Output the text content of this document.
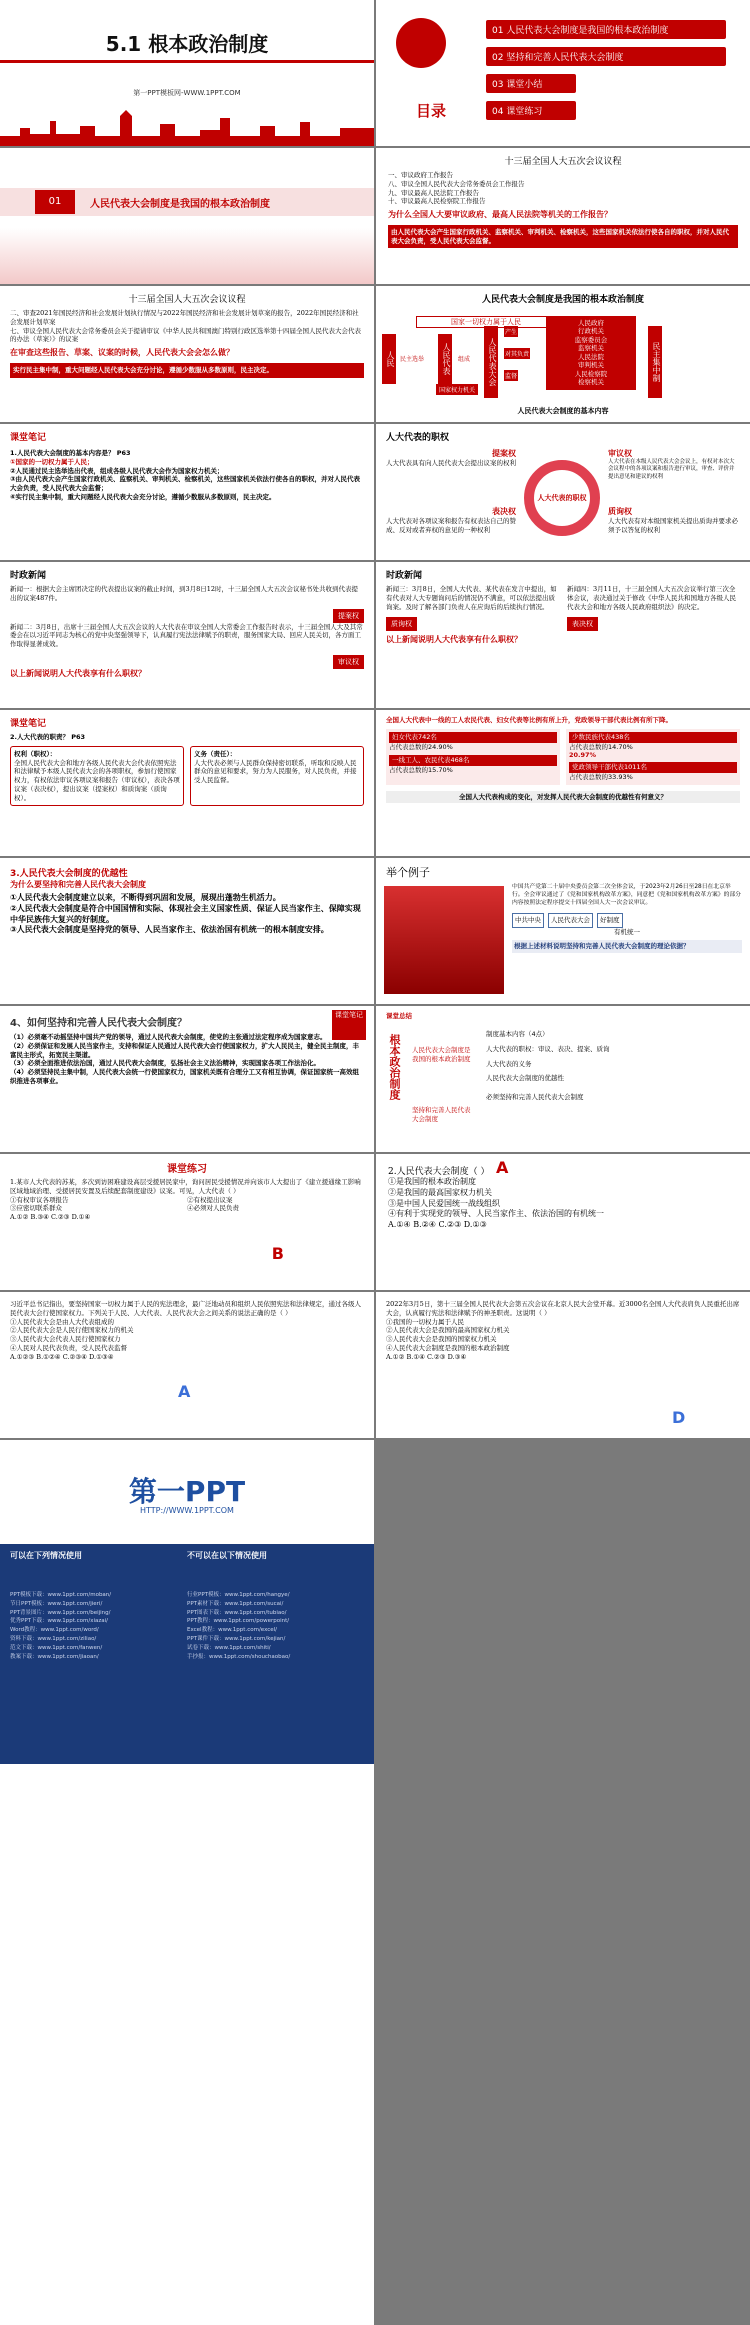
5.1 根本政治制度
第一PPT模板网-WWW.1PPT.COM
目录
01 人民代表大会制度是我国的根本政治制度
02 坚持和完善人民代表大会制度
03 课堂小结
04 课堂练习
01	人民代表大会制度是我国的根本政治制度
十三届全国人大五次会议议程
一、审议政府工作报告
八、审议全国人民代表大会常务委员会工作报告
九、审议最高人民法院工作报告
十、审议最高人民检察院工作报告
为什么全国人大要审议政府、最高人民法院等机关的工作报告？
由人民代表大会产生国家行政机关、监察机关、审判机关、检察机关，这些国家机关依法行使各自的职权，并对人民代表大会负责，受人民代表大会监督。
十三届全国人大五次会议议程
二、审查2021年国民经济和社会发展计划执行情况与2022年国民经济和社会发展计划草案的报告，2022年国民经济和社会发展计划草案
七、审议全国人民代表大会常务委员会关于提请审议《中华人民共和国澳门特别行政区选举第十四届全国人民代表大会代表的办法（草案）》的议案
在审查这些报告、草案、议案的时候，人民代表大会会怎么做？
实行民主集中制，重大问题经人民代表大会充分讨论，遵循少数服从多数原则，民主决定。
人民代表大会制度是我国的根本政治制度
国家一切权力属于人民
人民 民主选举	人民代表 组成	人民代表大会
产生
对其负责
监督
人民政府
行政机关
监察委员会
监察机关
人民法院
审判机关
人民检察院
检察机关
国家权力机关
民主集中制
人民代表大会制度的基本内容
课堂笔记
1.人民代表大会制度的基本内容是？ P63
①国家的一切权力属于人民；
②人民通过民主选举选出代表，组成各级人民代表大会作为国家权力机关；
③由人民代表大会产生国家行政机关、监察机关、审判机关、检察机关，这些国家机关依法行使各自的职权，并对人民代表大会负责，受人民代表大会监督；
④实行民主集中制，重大问题经人民代表大会充分讨论，遵循少数服从多数原则，民主决定。
人大代表的职权
人大代表的职权
提案权
人大代表具有向人民代表大会提出议案的权利
审议权
人大代表在本级人民代表大会会议上，有权对本次大会议程中的各项议案和报告进行审议，审查、评价并提出意见和建议的权利
表决权
人大代表对各项议案和报告有权表达自己的赞成、反对或者弃权的意见的一种权利
质询权
人大代表有对本级国家机关提出质询并要求必须予以答复的权利
时政新闻
新闻一：根据大会主席团决定的代表提出议案的截止时间，到3月8日12时，十三届全国人大五次会议秘书处共收到代表提出的议案487件。
提案权
新闻二：3月8日，出席十三届全国人大五次会议的人大代表在审议全国人大常委会工作报告时表示，十三届全国人大及其常委会在以习近平同志为核心的党中央坚强领导下，认真履行宪法法律赋予的职责，服务国家大局、回应人民关切，各方面工作取得显著成效。
审议权
以上新闻说明人大代表享有什么职权？
时政新闻
新闻三：3月8日，全国人大代表、某代表在发言中提出，如有代表对人大专题询问后的情况仍不满意，可以依法提出质询案。及时了解各部门负责人在应询后的后续执行情况。
质询权
新闻四：3月11日，十三届全国人大五次会议举行第三次全体会议，表决通过关于修改《中华人民共和国地方各级人民代表大会和地方各级人民政府组织法》的决定。
表决权
以上新闻说明人大代表享有什么职权？
课堂笔记
2.人大代表的职责？ P63
权利（职权）：
全国人民代表大会和地方各级人民代表大会代表依照宪法和法律赋予本级人民代表大会的各项职权，参加行使国家权力，有权依法审议各项议案和报告（审议权），表决各项议案（表决权），提出议案（提案权）和质询案（质询权）。
义务（责任）：
人大代表必须与人民群众保持密切联系，听取和反映人民群众的意见和要求，努力为人民服务，对人民负责，并接受人民监督。
全国人大代表中一线的工人农民代表、妇女代表等比例有所上升，党政领导干部代表比例有所下降。
妇女代表742名
占代表总数的24.90%
一线工人、农民代表468名
占代表总数的15.70%
少数民族代表438名
占代表总数的14.70%
20.97%
党政领导干部代表1011名
占代表总数的33.93%
全国人大代表构成的变化，对发挥人民代表大会制度的优越性有何意义？
3.人民代表大会制度的优越性
为什么要坚持和完善人民代表大会制度
①人民代表大会制度建立以来，不断得到巩固和发展，展现出蓬勃生机活力。
②人民代表大会制度是符合中国国情和实际、体现社会主义国家性质、保证人民当家作主、保障实现中华民族伟大复兴的好制度。
③人民代表大会制度是坚持党的领导、人民当家作主、依法治国有机统一的根本制度安排。
举个例子
中国共产党第二十届中央委员会第二次全体会议，于2023年2月26日至28日在北京举行。全会审议通过了《党和国家机构改革方案》，同意把《党和国家机构改革方案》的部分内容按照法定程序提交十四届全国人大一次会议审议。
中共中央	人民代表大会	好制度
有机统一
根据上述材料说明坚持和完善人民代表大会制度的理论依据？
4、如何坚持和完善人民代表大会制度？
课堂笔记
（1）必须毫不动摇坚持中国共产党的领导，通过人民代表大会制度，使党的主张通过法定程序成为国家意志。
（2）必须保证和发展人民当家作主，支持和保证人民通过人民代表大会行使国家权力，扩大人民民主，健全民主制度，丰富民主形式，拓宽民主渠道。
（3）必须全面推进依法治国，通过人民代表大会制度，弘扬社会主义法治精神，实现国家各项工作法治化。
（4）必须坚持民主集中制，人民代表大会统一行使国家权力，国家机关既有合理分工又有相互协调，保证国家统一高效组织推进各项事业。
课堂总结
根本政治制度 人民代表大会制度是我国的根本政治制度
坚持和完善人民代表大会制度
制度基本内容（4点）
人大代表的职权：审议、表决、提案、质询
人大代表的义务
人民代表大会制度的优越性
必须坚持和完善人民代表大会制度
课堂练习
1.某市人大代表的苏某，多次到访困难建设高层受援居民家中，询问居民受援情况并向该市人大提出了《建立援通缘工影响区域地域治理、受援居民安置及后续配套制度建设》议案。可见，人大代表（ ）
①有权审议各项报告	②有权提出议案
③应密切联系群众	④必须对人民负责
A.①② B.③④ C.②③ D.①④
B
2.人民代表大会制度（ ） A
①是我国的根本政治制度
②是我国的最高国家权力机关
③是中国人民爱国统一战线组织
④有利于实现党的领导、人民当家作主、依法治国的有机统一
A.①④ B.②④ C.②③ D.①③
习近平总书记指出，要坚持国家一切权力属于人民的宪法理念，最广泛地动员和组织人民依照宪法和法律规定，通过各级人民代表大会行使国家权力。下列关于人民、人大代表、人民代表大会之间关系的说法正确的是（ ）
①人民代表大会是由人大代表组成的
②人民代表大会是人民行使国家权力的机关
③人民代表大会代表人民行使国家权力
④人民对人民代表负责，受人民代表监督
A.①②③ B.①②④ C.②③④ D.①③④
A
2022年3月5日，第十三届全国人民代表大会第五次会议在北京人民大会堂开幕。近3000名全国人大代表肩负人民重托出席大会，认真履行宪法和法律赋予的神圣职责。这说明（ ）
①我国的一切权力属于人民
②人民代表大会是我国的最高国家权力机关
③人民代表大会是我国的国家权力机关
④人民代表大会制度是我国的根本政治制度
A.①② B.①④ C.②③ D.③④
D
第一PPT
HTTP://WWW.1PPT.COM
可以在下列情况使用	不可以在以下情况使用
PPT模板下载：www.1ppt.com/moban/	行业PPT模板：www.1ppt.com/hangye/
节日PPT模板：www.1ppt.com/jieri/	PPT素材下载：www.1ppt.com/sucai/
PPT背景图片：www.1ppt.com/beijing/	PPT图表下载：www.1ppt.com/tubiao/
优秀PPT下载：www.1ppt.com/xiazai/	PPT教程：www.1ppt.com/powerpoint/
Word教程：www.1ppt.com/word/	Excel教程：www.1ppt.com/excel/
资料下载：www.1ppt.com/ziliao/	PPT课件下载：www.1ppt.com/kejian/
范文下载：www.1ppt.com/fanwen/	试卷下载：www.1ppt.com/shiti/
教案下载：www.1ppt.com/jiaoan/	手抄报：www.1ppt.com/shouchaobao/
